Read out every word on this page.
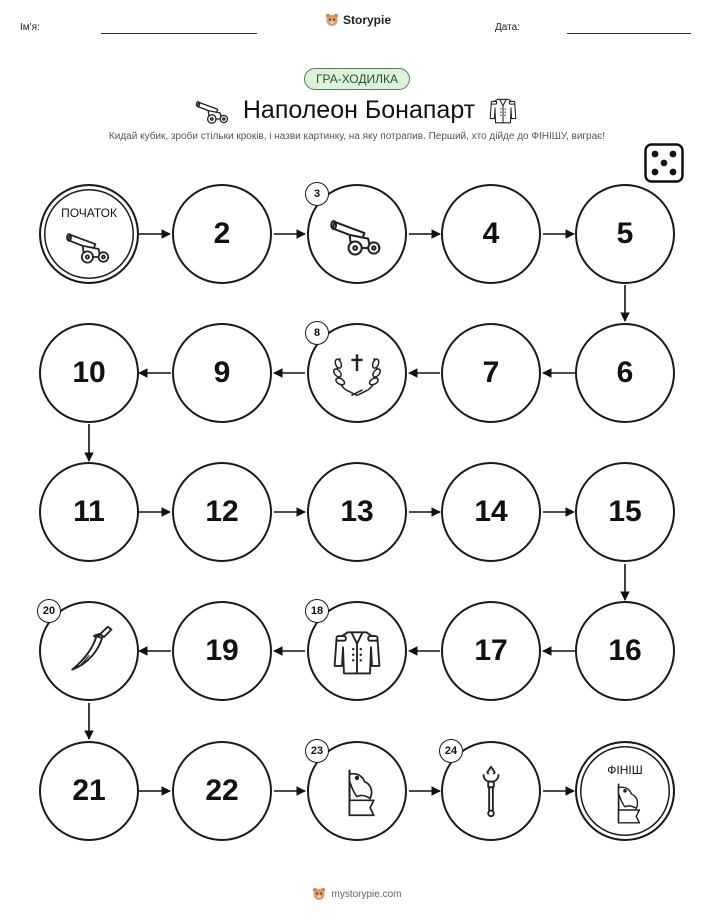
Ім'я:
Storypie
Дата:
ГРА-ХОДИЛКА
Наполеон Бонапарт
Кидай кубик, зроби стільки кроків, і назви картинку, на яку потрапив. Перший, хто дійде до ФІНІШУ, виграє!
ПОЧАТОК
2
3
4	5
6
7
8
9
10
11	12	13	14	15
16
17
18
19
20
21	22
23	24
ФІНІШ
mystorypie.com
